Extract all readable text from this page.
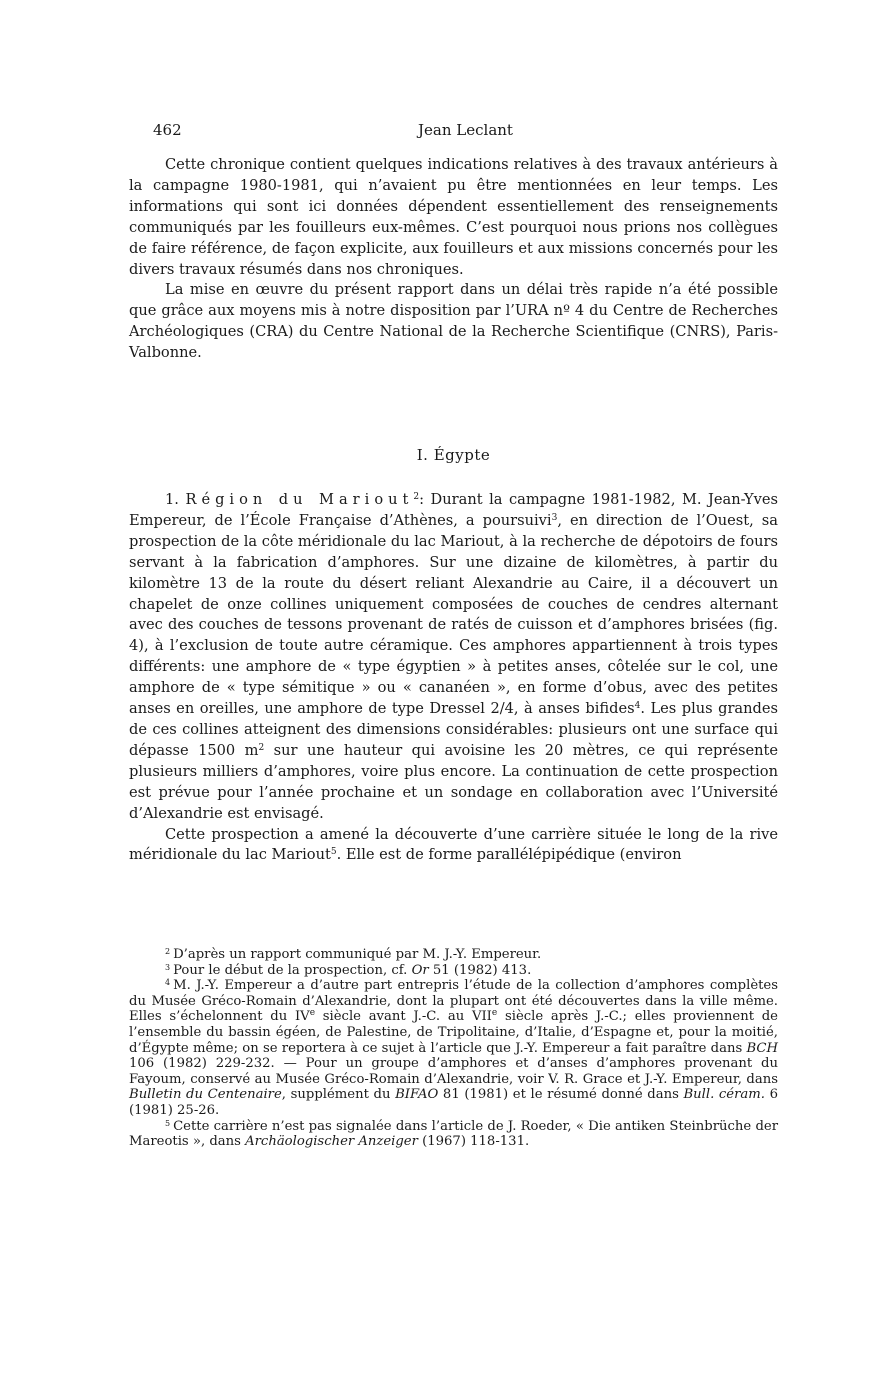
462	Jean Leclant

Cette chronique contient quelques indications relatives à des travaux antérieurs à la campagne 1980-1981, qui n’avaient pu être mentionnées en leur temps. Les informations qui sont ici données dépendent essentiellement des renseignements communiqués par les fouilleurs eux-mêmes. C’est pourquoi nous prions nos collègues de faire référence, de façon explicite, aux fouilleurs et aux missions concernés pour les divers travaux résumés dans nos chroniques.

La mise en œuvre du présent rapport dans un délai très rapide n’a été possible que grâce aux moyens mis à notre disposition par l’URA nº 4 du Centre de Recherches Archéologiques (CRA) du Centre National de la Recherche Scientifique (CNRS), Paris-Valbonne.

I. Égypte

1. Région du Mariout$^2$: Durant la campagne 1981-1982, M. Jean-Yves Empereur, de l’École Française d’Athènes, a poursuivi$^3$, en direction de l’Ouest, sa prospection de la côte méridionale du lac Mariout, à la recherche de dépotoirs de fours servant à la fabrication d’amphores. Sur une dizaine de kilomètres, à partir du kilomètre 13 de la route du désert reliant Alexandrie au Caire, il a découvert un chapelet de onze collines uniquement composées de couches de cendres alternant avec des couches de tessons provenant de ratés de cuisson et d’amphores brisées (fig. 4), à l’exclusion de toute autre céramique. Ces amphores appartiennent à trois types différents: une amphore de « type égyptien » à petites anses, côtelée sur le col, une amphore de « type sémitique » ou « cananéen », en forme d’obus, avec des petites anses en oreilles, une amphore de type Dressel 2/4, à anses bifides$^4$. Les plus grandes de ces collines atteignent des dimensions considérables: plusieurs ont une surface qui dépasse 1500 $m^2$ sur une hauteur qui avoisine les 20 mètres, ce qui représente plusieurs milliers d’amphores, voire plus encore. La continuation de cette prospection est prévue pour l’année prochaine et un sondage en collaboration avec l’Université d’Alexandrie est envisagé.

Cette prospection a amené la découverte d’une carrière située le long de la rive méridionale du lac Mariout$^5$. Elle est de forme parallélépipédique (environ

$^2$ D’après un rapport communiqué par M. J.-Y. Empereur.

$^3$ Pour le début de la prospection, cf. Or 51 (1982) 413.

$^4$ M. J.-Y. Empereur a d’autre part entrepris l’étude de la collection d’amphores complètes du Musée Gréco-Romain d’Alexandrie, dont la plupart ont été découvertes dans la ville même. Elles s’échelonnent du IVe siècle avant J.-C. au VIIe siècle après J.-C.; elles proviennent de l’ensemble du bassin égéen, de Palestine, de Tripolitaine, d’Italie, d’Espagne et, pour la moitié, d’Égypte même; on se reportera à ce sujet à l’article que J.-Y. Empereur a fait paraître dans BCH 106 (1982) 229-232. — Pour un groupe d’amphores et d’anses d’amphores provenant du Fayoum, conservé au Musée Gréco-Romain d’Alexandrie, voir V. R. Grace et J.-Y. Empereur, dans Bulletin du Centenaire, supplément du BIFAO 81 (1981) et le résumé donné dans Bull. céram. 6 (1981) 25-26.

$^5$ Cette carrière n’est pas signalée dans l’article de J. Roeder, « Die antiken Steinbrüche der Mareotis », dans Archäologischer Anzeiger (1967) 118-131.
